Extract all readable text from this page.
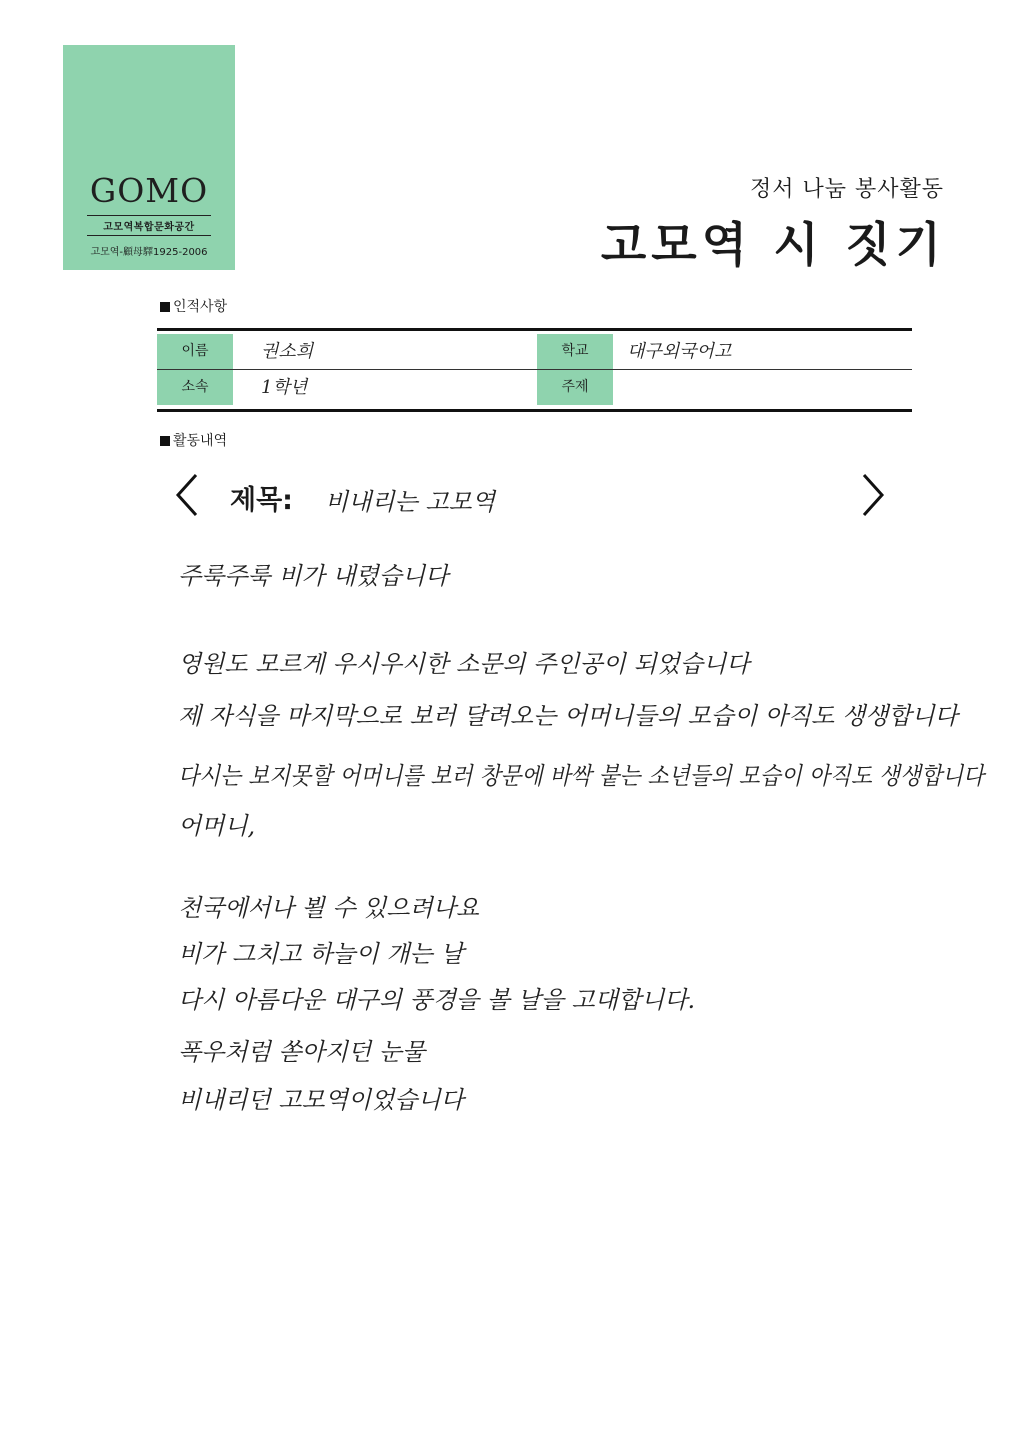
GOMO
고모역복합문화공간
고모역-顧母驛1925-2006
정서 나눔 봉사활동
고모역 시 짓기
인적사항
이름	권소희	학교	대구외국어고
소속	1학년	주제
활동내역
제목: 비내리는 고모역
주룩주룩 비가 내렸습니다
영원도 모르게 우시우시한 소문의 주인공이 되었습니다
제 자식을 마지막으로 보러 달려오는 어머니들의 모습이 아직도 생생합니다
다시는 보지못할 어머니를 보러 창문에 바싹 붙는 소년들의 모습이 아직도 생생합니다
어머니,
천국에서나 뵐 수 있으려나요
비가 그치고 하늘이 개는 날
다시 아름다운 대구의 풍경을 볼 날을 고대합니다.
폭우처럼 쏟아지던 눈물
비내리던 고모역이었습니다
